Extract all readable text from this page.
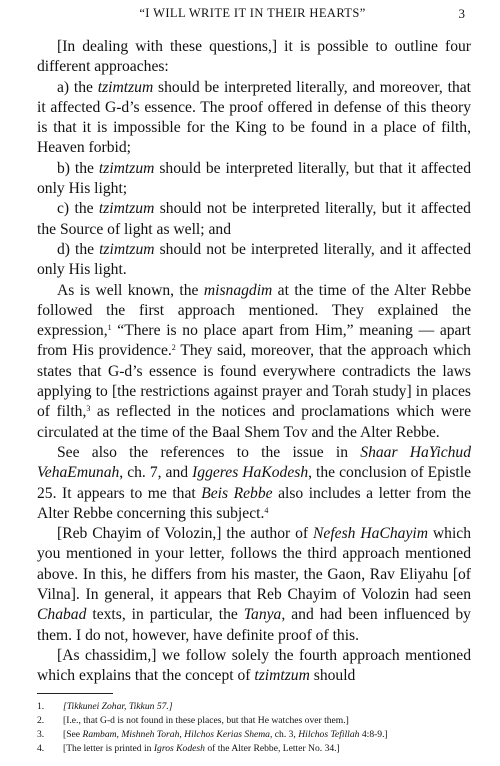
“I WILL WRITE IT IN THEIR HEARTS”	3

[In dealing with these questions,] it is possible to outline four different approaches:

a) the tzimtzum should be interpreted literally, and moreover, that it affected G-d’s essence. The proof offered in defense of this theory is that it is impossible for the King to be found in a place of filth, Heaven forbid;

b) the tzimtzum should be interpreted literally, but that it affected only His light;

c) the tzimtzum should not be interpreted literally, but it affected the Source of light as well; and

d) the tzimtzum should not be interpreted literally, and it affected only His light.

As is well known, the misnagdim at the time of the Alter Rebbe followed the first approach mentioned. They explained the expression,$^1$ “There is no place apart from Him,” meaning — apart from His providence.$^2$ They said, moreover, that the approach which states that G-d’s essence is found everywhere contradicts the laws applying to [the restrictions against prayer and Torah study] in places of filth,$^3$ as reflected in the notices and proclamations which were circulated at the time of the Baal Shem Tov and the Alter Rebbe.

See also the references to the issue in Shaar HaYichud VehaEmunah, ch. 7, and Iggeres HaKodesh, the conclusion of Epistle 25. It appears to me that Beis Rebbe also includes a letter from the Alter Rebbe concerning this subject.$^4$

[Reb Chayim of Volozin,] the author of Nefesh HaChayim which you mentioned in your letter, follows the third approach mentioned above. In this, he differs from his master, the Gaon, Rav Eliyahu [of Vilna]. In general, it appears that Reb Chayim of Volozin had seen Chabad texts, in particular, the Tanya, and had been influenced by them. I do not, however, have definite proof of this.

[As chassidim,] we follow solely the fourth approach mentioned which explains that the concept of tzimtzum should

1.	[Tikkunei Zohar, Tikkun 57.]
2.	[I.e., that G-d is not found in these places, but that He watches over them.]
3.	[See Rambam, Mishneh Torah, Hilchos Kerias Shema, ch. 3, Hilchos Tefillah 4:8-9.]
4.	[The letter is printed in Igros Kodesh of the Alter Rebbe, Letter No. 34.]
